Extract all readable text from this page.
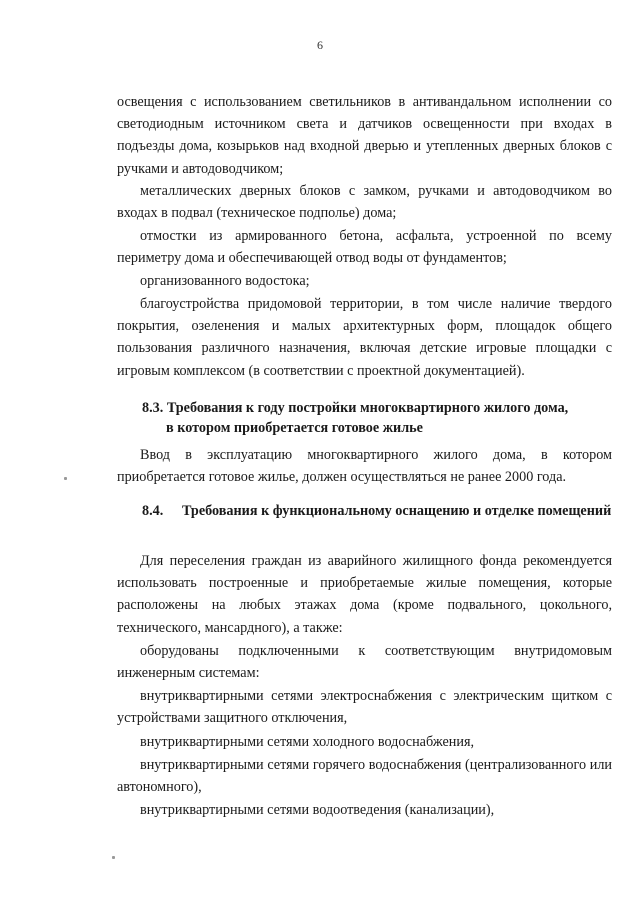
6

освещения с использованием светильников в антивандальном исполнении со светодиодным источником света и датчиков освещенности при входах в подъезды дома, козырьков над входной дверью и утепленных дверных блоков с ручками и автодоводчиком;

металлических дверных блоков с замком, ручками и автодоводчиком во входах в подвал (техническое подполье) дома;

отмостки из армированного бетона, асфальта, устроенной по всему периметру дома и обеспечивающей отвод воды от фундаментов;

организованного водостока;

благоустройства придомовой территории, в том числе наличие твердого покрытия, озеленения и малых архитектурных форм, площадок общего пользования различного назначения, включая детские игровые площадки с игровым комплексом (в соответствии с проектной документацией).

8.3. Требования к году постройки многоквартирного жилого дома,
в котором приобретается готовое жилье

Ввод в эксплуатацию многоквартирного жилого дома, в котором приобретается готовое жилье, должен осуществляться не ранее 2000 года.

8.4. Требования к функциональному оснащению и отделке помещений

Для переселения граждан из аварийного жилищного фонда рекомендуется использовать построенные и приобретаемые жилые помещения, которые расположены на любых этажах дома (кроме подвального, цокольного, технического, мансардного), а также:

оборудованы подключенными к соответствующим внутридомовым инженерным системам:

внутриквартирными сетями электроснабжения с электрическим щитком с устройствами защитного отключения,

внутриквартирными сетями холодного водоснабжения,

внутриквартирными сетями горячего водоснабжения (централизованного или автономного),

внутриквартирными сетями водоотведения (канализации),
